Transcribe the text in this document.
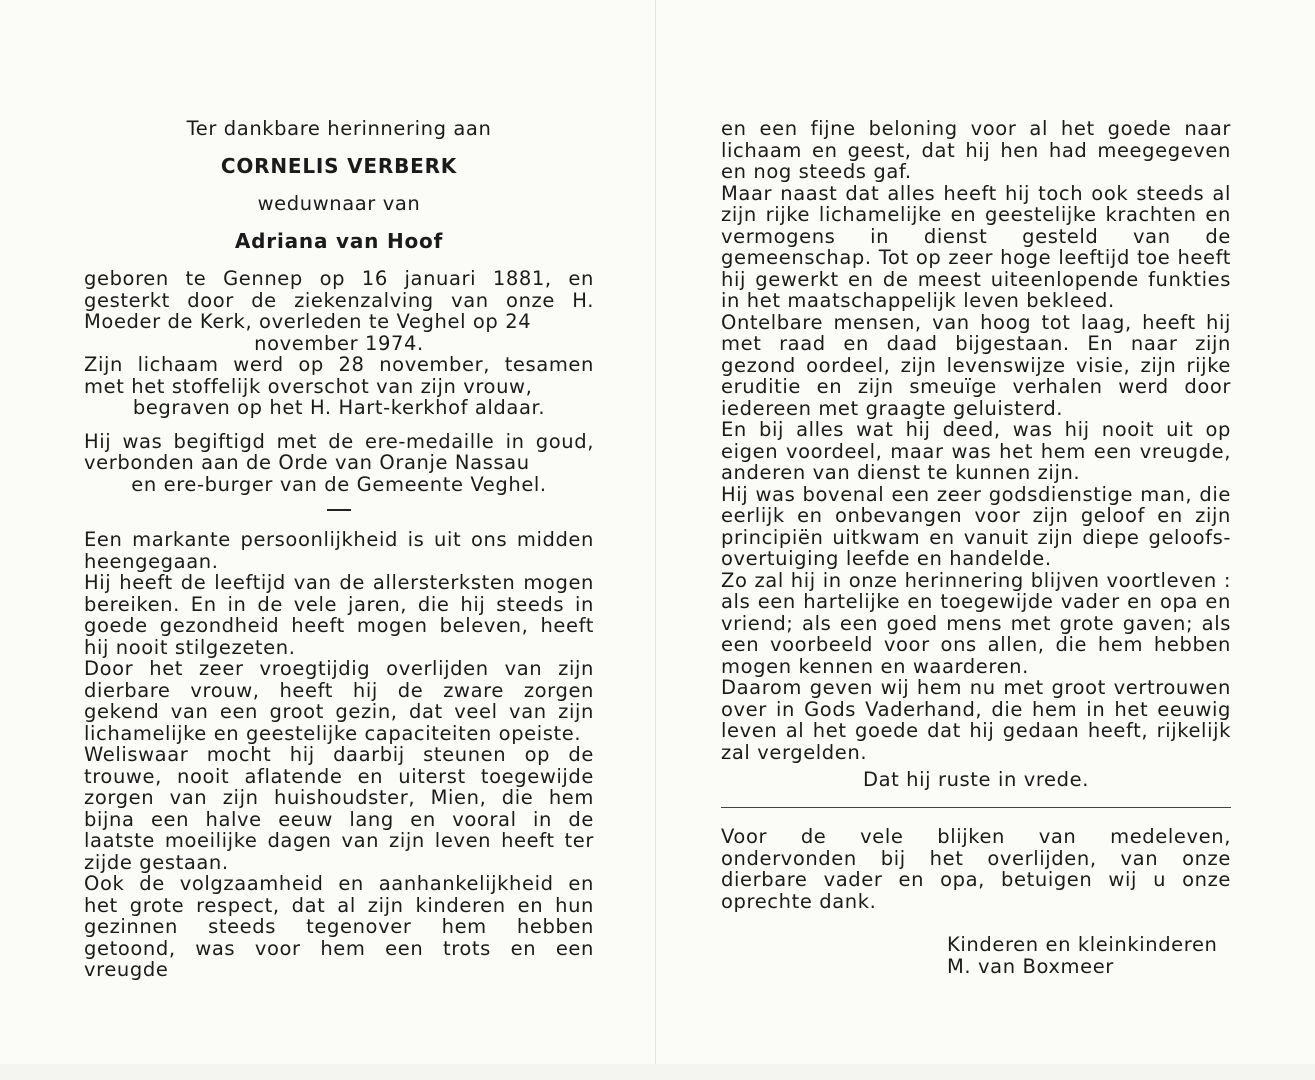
Ter dankbare herinnering aan

CORNELIS VERBERK

weduwnaar van

Adriana van Hoof

geboren te Gennep op 16 januari 1881, en gesterkt door de ziekenzalving van onze H. Moeder de Kerk, overleden te Veghel op 24

november 1974.

Zijn lichaam werd op 28 november, tesamen met het stoffelijk overschot van zijn vrouw,

begraven op het H. Hart-kerkhof aldaar.

Hij was begiftigd met de ere-medaille in goud, verbonden aan de Orde van Oranje Nassau

en ere-burger van de Gemeente Veghel.

Een markante persoonlijkheid is uit ons midden heengegaan.

Hij heeft de leeftijd van de allersterksten mogen bereiken. En in de vele jaren, die hij steeds in goede gezondheid heeft mogen beleven, heeft hij nooit stilgezeten.

Door het zeer vroegtijdig overlijden van zijn dierbare vrouw, heeft hij de zware zorgen gekend van een groot gezin, dat veel van zijn lichamelijke en geestelijke capaciteiten opeiste.

Weliswaar mocht hij daarbij steunen op de trouwe, nooit aflatende en uiterst toegewijde zorgen van zijn huishoudster, Mien, die hem bijna een halve eeuw lang en vooral in de laatste moeilijke dagen van zijn leven heeft ter zijde gestaan.

Ook de volgzaamheid en aanhankelijkheid en het grote respect, dat al zijn kinderen en hun gezinnen steeds tegenover hem hebben getoond, was voor hem een trots en een vreugde

en een fijne beloning voor al het goede naar lichaam en geest, dat hij hen had meegegeven en nog steeds gaf.

Maar naast dat alles heeft hij toch ook steeds al zijn rijke lichamelijke en geestelijke krachten en vermogens in dienst gesteld van de gemeenschap. Tot op zeer hoge leeftijd toe heeft hij gewerkt en de meest uiteenlopende funkties in het maatschappelijk leven bekleed.

Ontelbare mensen, van hoog tot laag, heeft hij met raad en daad bijgestaan. En naar zijn gezond oordeel, zijn levenswijze visie, zijn rijke eruditie en zijn smeuïge verhalen werd door iedereen met graagte geluisterd.

En bij alles wat hij deed, was hij nooit uit op eigen voordeel, maar was het hem een vreugde, anderen van dienst te kunnen zijn.

Hij was bovenal een zeer godsdienstige man, die eerlijk en onbevangen voor zijn geloof en zijn principiën uitkwam en vanuit zijn diepe geloofs-overtuiging leefde en handelde.

Zo zal hij in onze herinnering blijven voortleven : als een hartelijke en toegewijde vader en opa en vriend; als een goed mens met grote gaven; als een voorbeeld voor ons allen, die hem hebben mogen kennen en waarderen.

Daarom geven wij hem nu met groot vertrouwen over in Gods Vaderhand, die hem in het eeuwig leven al het goede dat hij gedaan heeft, rijkelijk zal vergelden.

Dat hij ruste in vrede.

Voor de vele blijken van medeleven, ondervonden bij het overlijden, van onze dierbare vader en opa, betuigen wij u onze oprechte dank.

Kinderen en kleinkinderen

M. van Boxmeer
